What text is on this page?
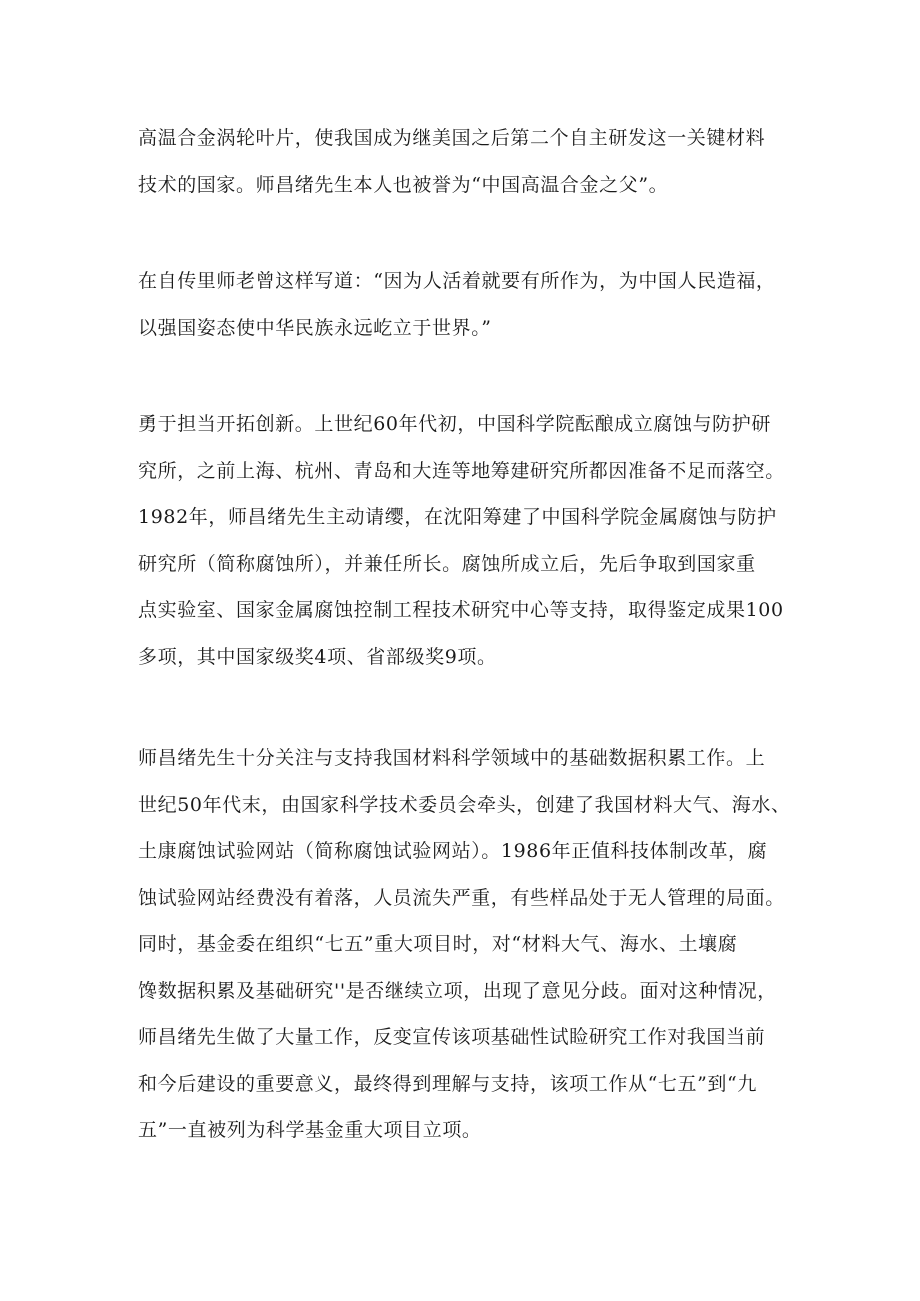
高温合金涡轮叶片，使我国成为继美国之后第二个自主研发这一关键材料
技术的国家。师昌绪先生本人也被誉为“中国高温合金之父”。

在自传里师老曾这样写道：“因为人活着就要有所作为，为中国人民造福，
以强国姿态使中华民族永远屹立于世界。”

勇于担当开拓创新。上世纪60年代初，中国科学院酝酿成立腐蚀与防护研
究所，之前上海、杭州、青岛和大连等地筹建研究所都因准备不足而落空。
1982年，师昌绪先生主动请缨，在沈阳筹建了中国科学院金属腐蚀与防护
研究所（简称腐蚀所），并兼任所长。腐蚀所成立后，先后争取到国家重
点实验室、国家金属腐蚀控制工程技术研究中心等支持，取得鉴定成果100
多项，其中国家级奖4项、省部级奖9项。

师昌绪先生十分关注与支持我国材料科学领域中的基础数据积累工作。上
世纪50年代末，由国家科学技术委员会牵头，创建了我国材料大气、海水、
土康腐蚀试验网站（简称腐蚀试验网站）。1986年正值科技体制改革，腐
蚀试验网站经费没有着落，人员流失严重，有些样品处于无人管理的局面。
同时，基金委在组织“七五”重大项目时，对“材料大气、海水、土壤腐
馋数据积累及基础研究''是否继续立项，出现了意见分歧。面对这种情况，
师昌绪先生做了大量工作，反变宣传该项基础性试睑研究工作对我国当前
和今后建设的重要意义，最终得到理解与支持，该项工作从“七五”到“九
五”一直被列为科学基金重大项目立项。
